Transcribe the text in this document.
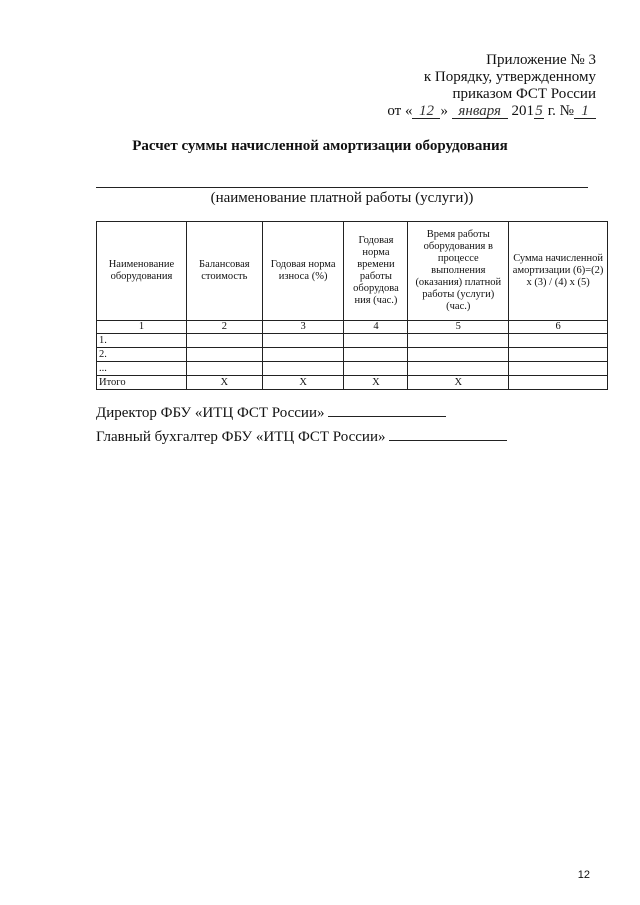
Приложение № 3
к Порядку, утвержденному
приказом ФСТ России
от « 12 » января 2015 г. № 1
Расчет суммы начисленной амортизации оборудования
(наименование платной работы (услуги))
Наименование оборудования	Балансовая стоимость	Годовая норма износа (%)	Годовая норма времени работы оборудова ния (час.)	Время работы оборудования в процессе выполнения (оказания) платной работы (услуги) (час.)	Сумма начисленной амортизации (6)=(2) x (3) / (4) x (5)
1	2	3	4	5	6
1.					
2.					
...					
Итого	X	X	X	X	
Директор ФБУ «ИТЦ ФСТ России»
Главный бухгалтер ФБУ «ИТЦ ФСТ России»
12
